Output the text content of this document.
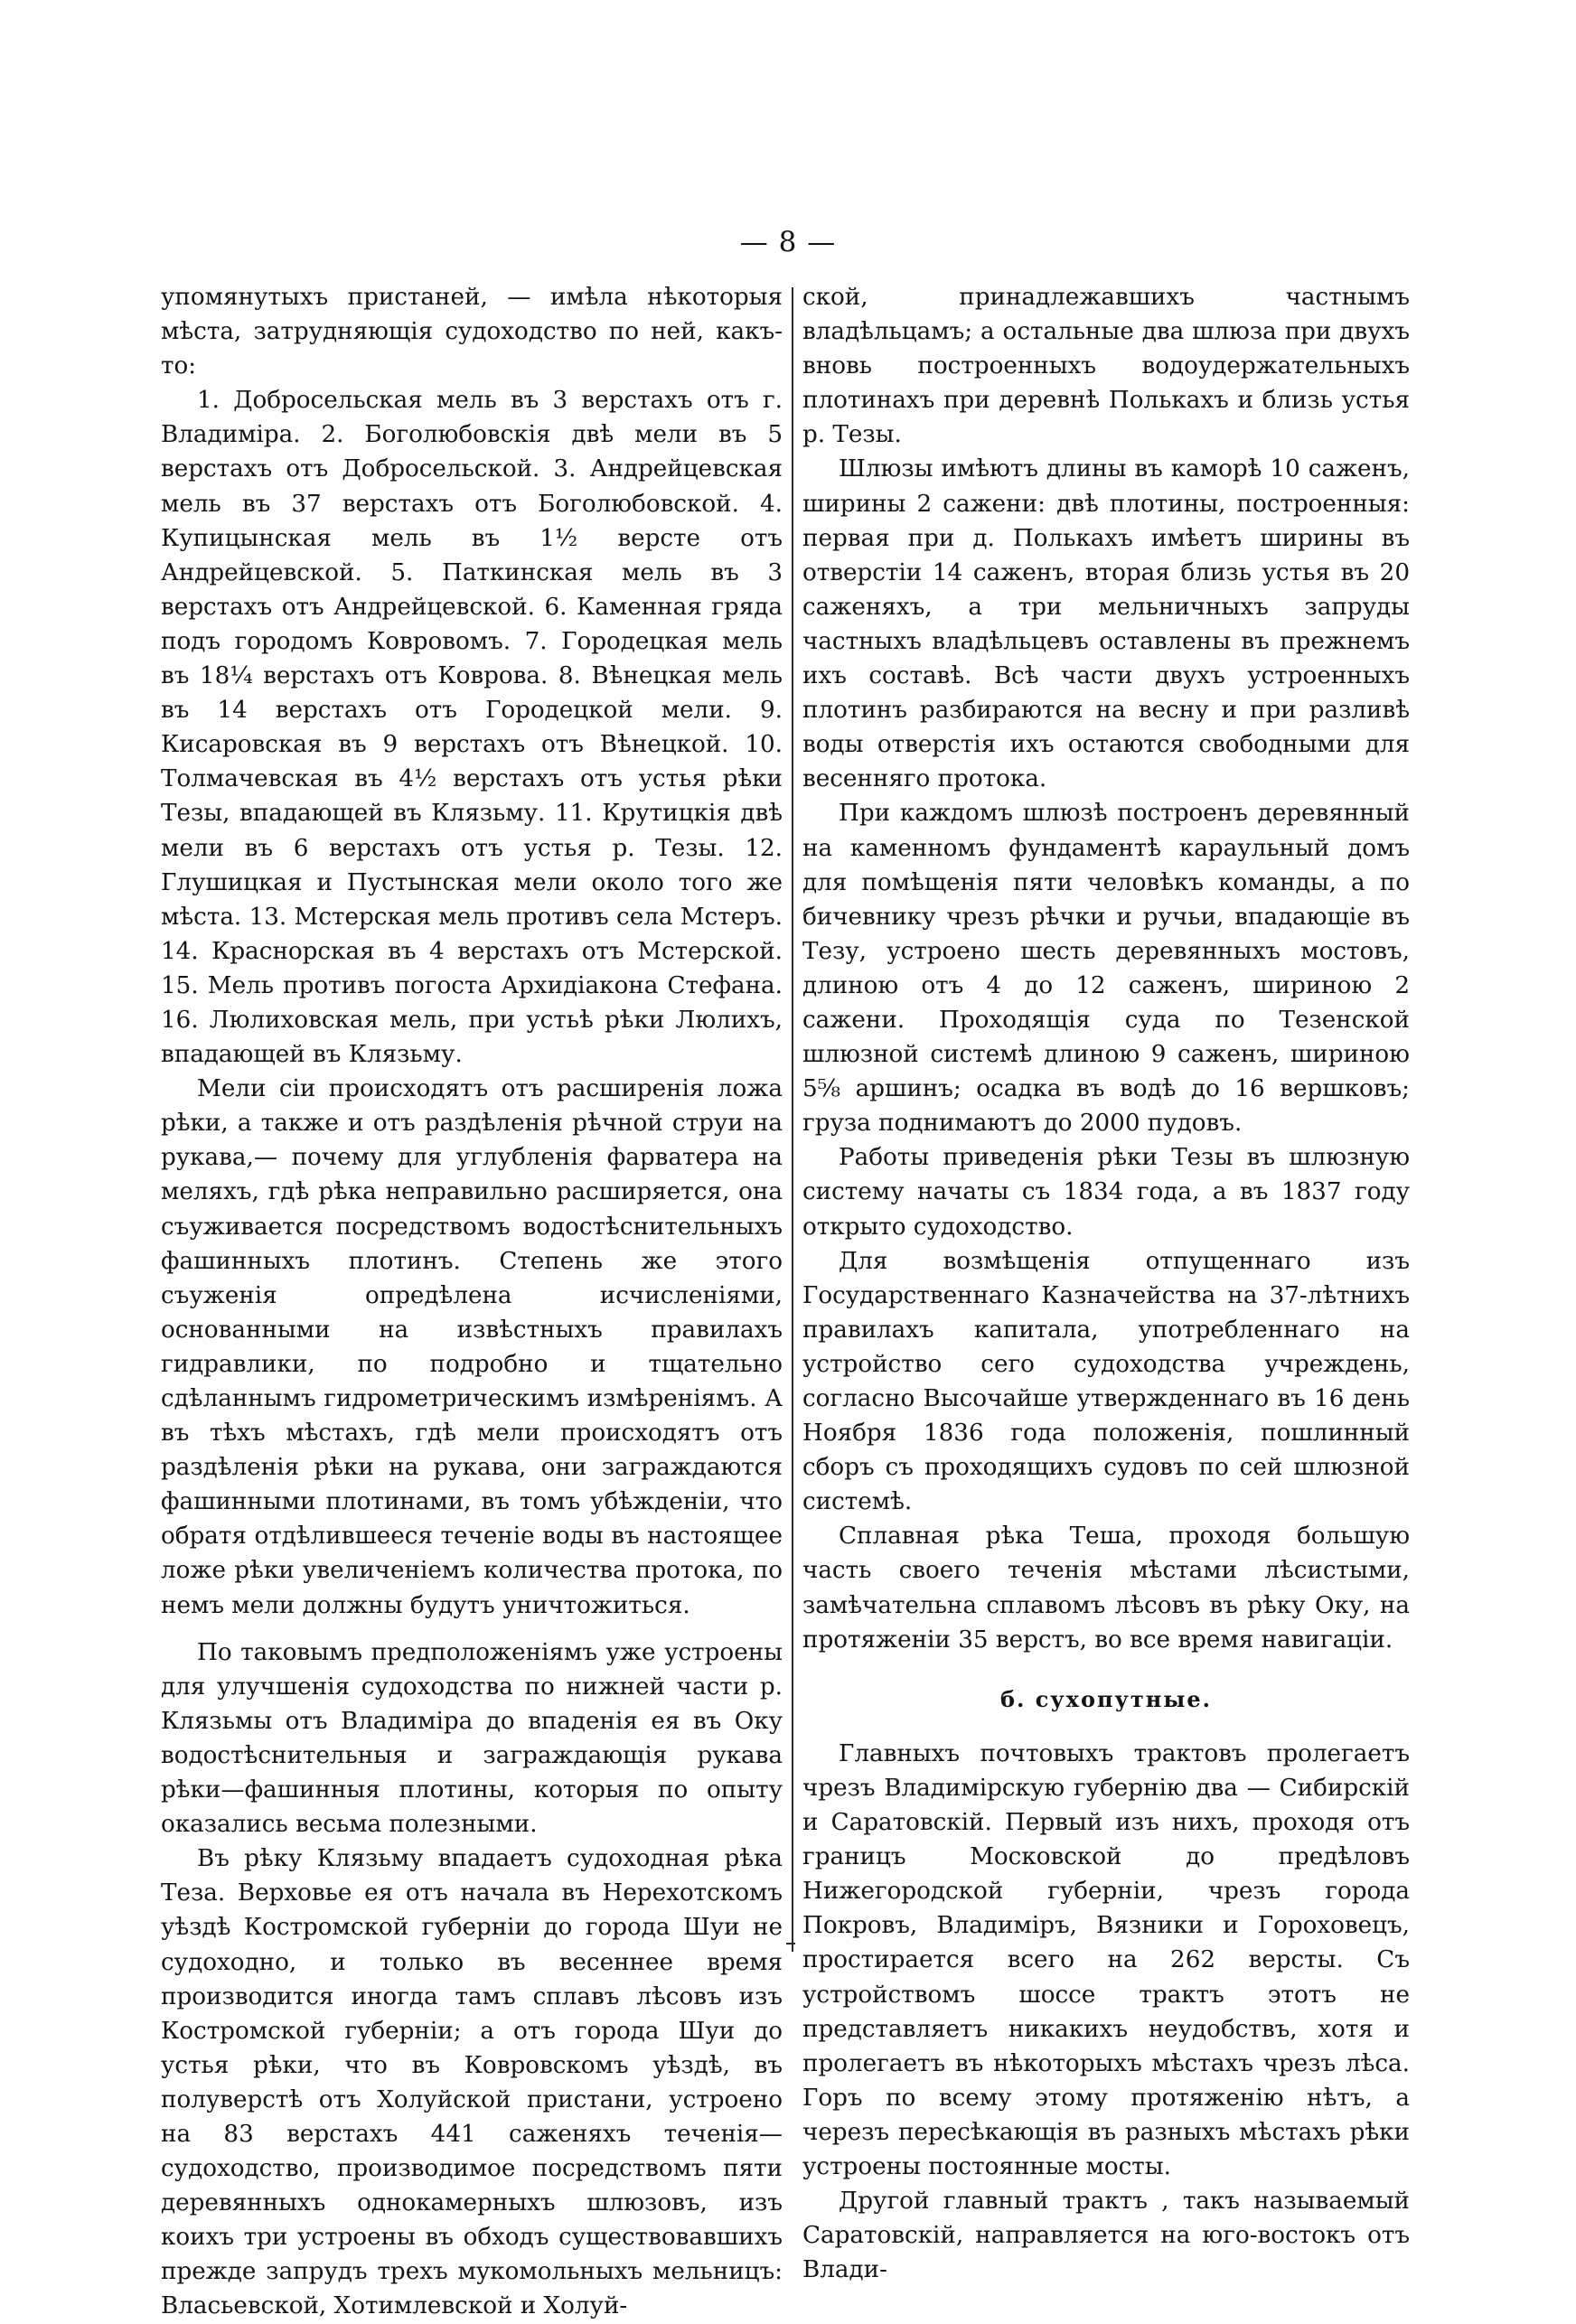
— 8 —

упомянутыхъ пристаней, — имѣла нѣкоторыя мѣста, затрудняющія судоходство по ней, какъ-то:

1. Добросельская мель въ 3 верстахъ отъ г. Владиміра. 2. Боголюбовскія двѣ мели въ 5 верстахъ отъ Добросельской. 3. Андрейцевская мель въ 37 верстахъ отъ Боголюбовской. 4. Купицынская мель въ 1½ версте отъ Андрейцевской. 5. Паткинская мель въ 3 верстахъ отъ Андрейцевской. 6. Каменная гряда подъ городомъ Ковровомъ. 7. Городецкая мель въ 18¼ верстахъ отъ Коврова. 8. Вѣнецкая мель въ 14 верстахъ отъ Городецкой мели. 9. Кисаровская въ 9 верстахъ отъ Вѣнецкой. 10. Толмачевская въ 4½ верстахъ отъ устья рѣки Тезы, впадающей въ Клязьму. 11. Крутицкія двѣ мели въ 6 верстахъ отъ устья р. Тезы. 12. Глушицкая и Пустынская мели около того же мѣста. 13. Мстерская мель противъ села Мстеръ. 14. Краснорская въ 4 верстахъ отъ Мстерской. 15. Мель противъ погоста Архидіакона Стефана. 16. Люлиховская мель, при устьѣ рѣки Люлихъ, впадающей въ Клязьму.

Мели сіи происходятъ отъ расширенія ложа рѣки, а также и отъ раздѣленія рѣчной струи на рукава,— почему для углубленія фарватера на меляхъ, гдѣ рѣка неправильно расширяется, она съуживается посредствомъ водостѣснительныхъ фашинныхъ плотинъ. Степень же этого съуженія опредѣлена исчисленіями, основанными на извѣстныхъ правилахъ гидравлики, по подробно и тщательно сдѣланнымъ гидрометрическимъ измѣреніямъ. А въ тѣхъ мѣстахъ, гдѣ мели происходятъ отъ раздѣленія рѣки на рукава, они заграждаются фашинными плотинами, въ томъ убѣжденіи, что обратя отдѣлившееся теченіе воды въ настоящее ложе рѣки увеличеніемъ количества протока, по немъ мели должны будутъ уничтожиться.

По таковымъ предположеніямъ уже устроены для улучшенія судоходства по нижней части р. Клязьмы отъ Владиміра до впаденія ея въ Оку водостѣснительныя и заграждающія рукава рѣки—фашинныя плотины, которыя по опыту оказались весьма полезными.

Въ рѣку Клязьму впадаетъ судоходная рѣка Теза. Верховье ея отъ начала въ Нерехотскомъ уѣздѣ Костромской губерніи до города Шуи не судоходно, и только въ весеннее время производится иногда тамъ сплавъ лѣсовъ изъ Костромской губерніи; а отъ города Шуи до устья рѣки, что въ Ковровскомъ уѣздѣ, въ полуверстѣ отъ Холуйской пристани, устроено на 83 верстахъ 441 саженяхъ теченія—судоходство, производимое посредствомъ пяти деревянныхъ однокамерныхъ шлюзовъ, изъ коихъ три устроены въ обходъ существовавшихъ прежде запрудъ трехъ мукомольныхъ мельницъ: Власьевской, Хотимлевской и Холуй-

ской, принадлежавшихъ частнымъ владѣльцамъ; а остальные два шлюза при двухъ вновь построенныхъ водоудержательныхъ плотинахъ при деревнѣ Полькахъ и близь устья р. Тезы.

Шлюзы имѣютъ длины въ каморѣ 10 саженъ, ширины 2 сажени: двѣ плотины, построенныя: первая при д. Полькахъ имѣетъ ширины въ отверстіи 14 саженъ, вторая близь устья въ 20 саженяхъ, а три мельничныхъ запруды частныхъ владѣльцевъ оставлены въ прежнемъ ихъ составѣ. Всѣ части двухъ устроенныхъ плотинъ разбираются на весну и при разливѣ воды отверстія ихъ остаются свободными для весенняго протока.

При каждомъ шлюзѣ построенъ деревянный на каменномъ фундаментѣ караульный домъ для помѣщенія пяти человѣкъ команды, а по бичевнику чрезъ рѣчки и ручьи, впадающіе въ Тезу, устроено шесть деревянныхъ мостовъ, длиною отъ 4 до 12 саженъ, шириною 2 сажени. Проходящія суда по Тезенской шлюзной системѣ длиною 9 саженъ, шириною 5⅝ аршинъ; осадка въ водѣ до 16 вершковъ; груза поднимаютъ до 2000 пудовъ.

Работы приведенія рѣки Тезы въ шлюзную систему начаты съ 1834 года, а въ 1837 году открыто судоходство.

Для возмѣщенія отпущеннаго изъ Государственнаго Казначейства на 37-лѣтнихъ правилахъ капитала, употребленнаго на устройство сего судоходства учреждень, согласно Высочайше утвержденнаго въ 16 день Ноября 1836 года положенія, пошлинный сборъ съ проходящихъ судовъ по сей шлюзной системѣ.

Сплавная рѣка Теша, проходя большую часть своего теченія мѣстами лѣсистыми, замѣчательна сплавомъ лѣсовъ въ рѣку Оку, на протяженіи 35 верстъ, во все время навигаціи.

б. сухопутные.

Главныхъ почтовыхъ трактовъ пролегаетъ чрезъ Владимірскую губернію два — Сибирскій и Саратовскій. Первый изъ нихъ, проходя отъ границъ Московской до предѣловъ Нижегородской губерніи, чрезъ города Покровъ, Владиміръ, Вязники и Гороховецъ, простирается всего на 262 версты. Съ устройствомъ шоссе трактъ этотъ не представляетъ никакихъ неудобствъ, хотя и пролегаетъ въ нѣкоторыхъ мѣстахъ чрезъ лѣса. Горъ по всему этому протяженію нѣтъ, а черезъ пересѣкающія въ разныхъ мѣстахъ рѣки устроены постоянные мосты.

Другой главный трактъ , такъ называемый Саратовскій, направляется на юго-востокъ отъ Влади-
